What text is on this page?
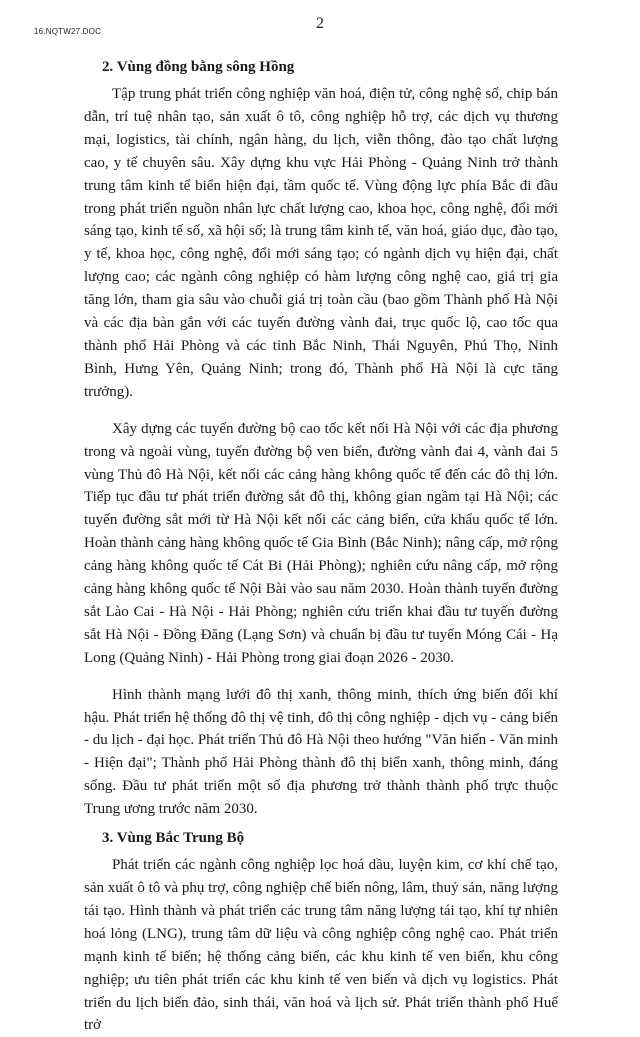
16.NQTW27.DOC	2
2. Vùng đồng bằng sông Hồng

Tập trung phát triển công nghiệp văn hoá, điện tử, công nghệ số, chip bán dẫn, trí tuệ nhân tạo, sản xuất ô tô, công nghiệp hỗ trợ, các dịch vụ thương mại, logistics, tài chính, ngân hàng, du lịch, viễn thông, đào tạo chất lượng cao, y tế chuyên sâu. Xây dựng khu vực Hải Phòng - Quảng Ninh trở thành trung tâm kinh tế biển hiện đại, tầm quốc tế. Vùng động lực phía Bắc đi đầu trong phát triển nguồn nhân lực chất lượng cao, khoa học, công nghệ, đổi mới sáng tạo, kinh tế số, xã hội số; là trung tâm kinh tế, văn hoá, giáo dục, đào tạo, y tế, khoa học, công nghệ, đổi mới sáng tạo; có ngành dịch vụ hiện đại, chất lượng cao; các ngành công nghiệp có hàm lượng công nghệ cao, giá trị gia tăng lớn, tham gia sâu vào chuỗi giá trị toàn cầu (bao gồm Thành phố Hà Nội và các địa bàn gắn với các tuyến đường vành đai, trục quốc lộ, cao tốc qua thành phố Hải Phòng và các tỉnh Bắc Ninh, Thái Nguyên, Phú Thọ, Ninh Bình, Hưng Yên, Quảng Ninh; trong đó, Thành phố Hà Nội là cực tăng trưởng).

Xây dựng các tuyến đường bộ cao tốc kết nối Hà Nội với các địa phương trong và ngoài vùng, tuyến đường bộ ven biển, đường vành đai 4, vành đai 5 vùng Thủ đô Hà Nội, kết nối các cảng hàng không quốc tế đến các đô thị lớn. Tiếp tục đầu tư phát triển đường sắt đô thị, không gian ngầm tại Hà Nội; các tuyến đường sắt mới từ Hà Nội kết nối các cảng biển, cửa khẩu quốc tế lớn. Hoàn thành cảng hàng không quốc tế Gia Bình (Bắc Ninh); nâng cấp, mở rộng cảng hàng không quốc tế Cát Bi (Hải Phòng); nghiên cứu nâng cấp, mở rộng cảng hàng không quốc tế Nội Bài vào sau năm 2030. Hoàn thành tuyến đường sắt Lào Cai - Hà Nội - Hải Phòng; nghiên cứu triển khai đầu tư tuyến đường sắt Hà Nội - Đồng Đăng (Lạng Sơn) và chuẩn bị đầu tư tuyến Móng Cái - Hạ Long (Quảng Ninh) - Hải Phòng trong giai đoạn 2026 - 2030.

Hình thành mạng lưới đô thị xanh, thông minh, thích ứng biến đổi khí hậu. Phát triển hệ thống đô thị vệ tinh, đô thị công nghiệp - dịch vụ - cảng biển - du lịch - đại học. Phát triển Thủ đô Hà Nội theo hướng "Văn hiến - Văn minh - Hiện đại"; Thành phố Hải Phòng thành đô thị biển xanh, thông minh, đáng sống. Đầu tư phát triển một số địa phương trở thành thành phố trực thuộc Trung ương trước năm 2030.

3. Vùng Bắc Trung Bộ

Phát triển các ngành công nghiệp lọc hoá dầu, luyện kim, cơ khí chế tạo, sản xuất ô tô và phụ trợ, công nghiệp chế biến nông, lâm, thuỷ sản, năng lượng tái tạo. Hình thành và phát triển các trung tâm năng lượng tái tạo, khí tự nhiên hoá lỏng (LNG), trung tâm dữ liệu và công nghiệp công nghệ cao. Phát triển mạnh kinh tế biển; hệ thống cảng biển, các khu kinh tế ven biển, khu công nghiệp; ưu tiên phát triển các khu kinh tế ven biển và dịch vụ logistics. Phát triển du lịch biển đảo, sinh thái, văn hoá và lịch sử. Phát triển thành phố Huế trở
